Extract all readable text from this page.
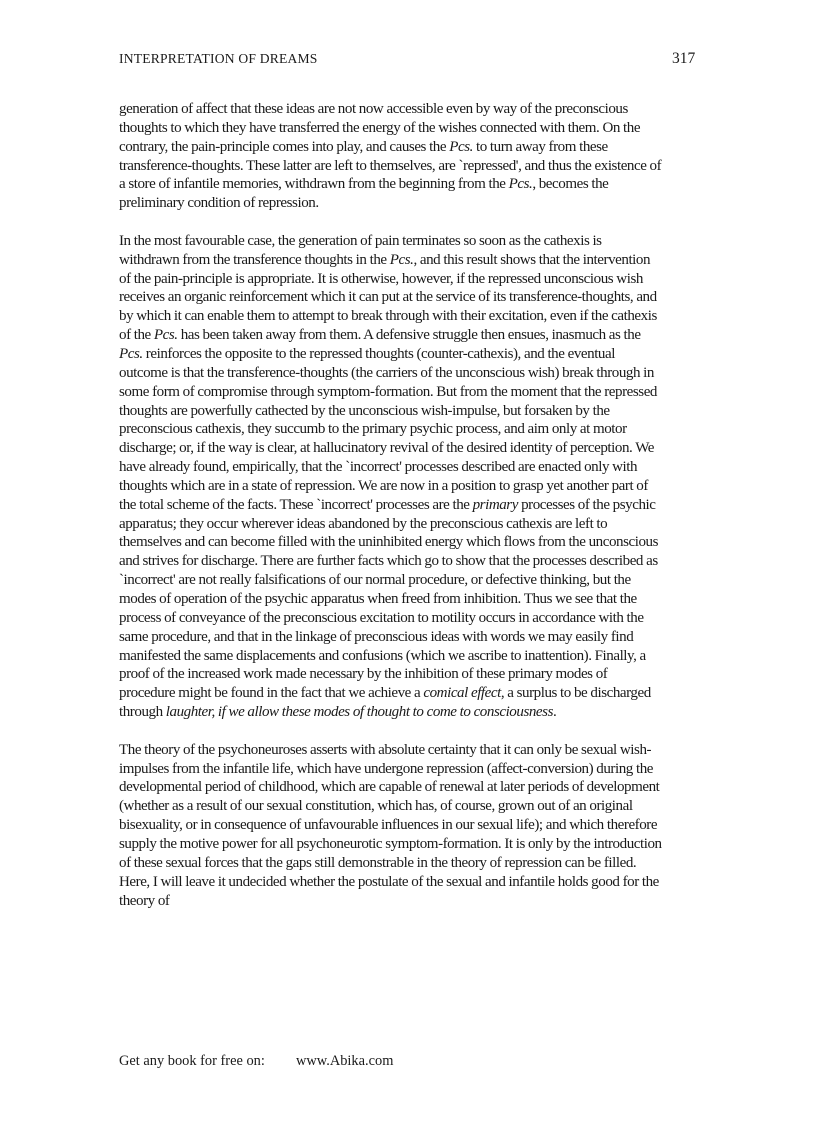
INTERPRETATION OF DREAMS	317

generation of affect that these ideas are not now accessible even by way of the preconscious thoughts to which they have transferred the energy of the wishes connected with them. On the contrary, the pain-principle comes into play, and causes the Pcs. to turn away from these transference-thoughts. These latter are left to themselves, are `repressed', and thus the existence of a store of infantile memories, withdrawn from the beginning from the Pcs., becomes the preliminary condition of repression.

In the most favourable case, the generation of pain terminates so soon as the cathexis is withdrawn from the transference thoughts in the Pcs., and this result shows that the intervention of the pain-principle is appropriate. It is otherwise, however, if the repressed unconscious wish receives an organic reinforcement which it can put at the service of its transference-thoughts, and by which it can enable them to attempt to break through with their excitation, even if the cathexis of the Pcs. has been taken away from them. A defensive struggle then ensues, inasmuch as the Pcs. reinforces the opposite to the repressed thoughts (counter-cathexis), and the eventual outcome is that the transference-thoughts (the carriers of the unconscious wish) break through in some form of compromise through symptom-formation. But from the moment that the repressed thoughts are powerfully cathected by the unconscious wish-impulse, but forsaken by the preconscious cathexis, they succumb to the primary psychic process, and aim only at motor discharge; or, if the way is clear, at hallucinatory revival of the desired identity of perception. We have already found, empirically, that the `incorrect' processes described are enacted only with thoughts which are in a state of repression. We are now in a position to grasp yet another part of the total scheme of the facts. These `incorrect' processes are the primary processes of the psychic apparatus; they occur wherever ideas abandoned by the preconscious cathexis are left to themselves and can become filled with the uninhibited energy which flows from the unconscious and strives for discharge. There are further facts which go to show that the processes described as `incorrect' are not really falsifications of our normal procedure, or defective thinking, but the modes of operation of the psychic apparatus when freed from inhibition. Thus we see that the process of conveyance of the preconscious excitation to motility occurs in accordance with the same procedure, and that in the linkage of preconscious ideas with words we may easily find manifested the same displacements and confusions (which we ascribe to inattention). Finally, a proof of the increased work made necessary by the inhibition of these primary modes of procedure might be found in the fact that we achieve a comical effect, a surplus to be discharged through laughter, if we allow these modes of thought to come to consciousness.

The theory of the psychoneuroses asserts with absolute certainty that it can only be sexual wish-impulses from the infantile life, which have undergone repression (affect-conversion) during the developmental period of childhood, which are capable of renewal at later periods of development (whether as a result of our sexual constitution, which has, of course, grown out of an original bisexuality, or in consequence of unfavourable influences in our sexual life); and which therefore supply the motive power for all psychoneurotic symptom-formation. It is only by the introduction of these sexual forces that the gaps still demonstrable in the theory of repression can be filled. Here, I will leave it undecided whether the postulate of the sexual and infantile holds good for the theory of

Get any book for free on: www.Abika.com
